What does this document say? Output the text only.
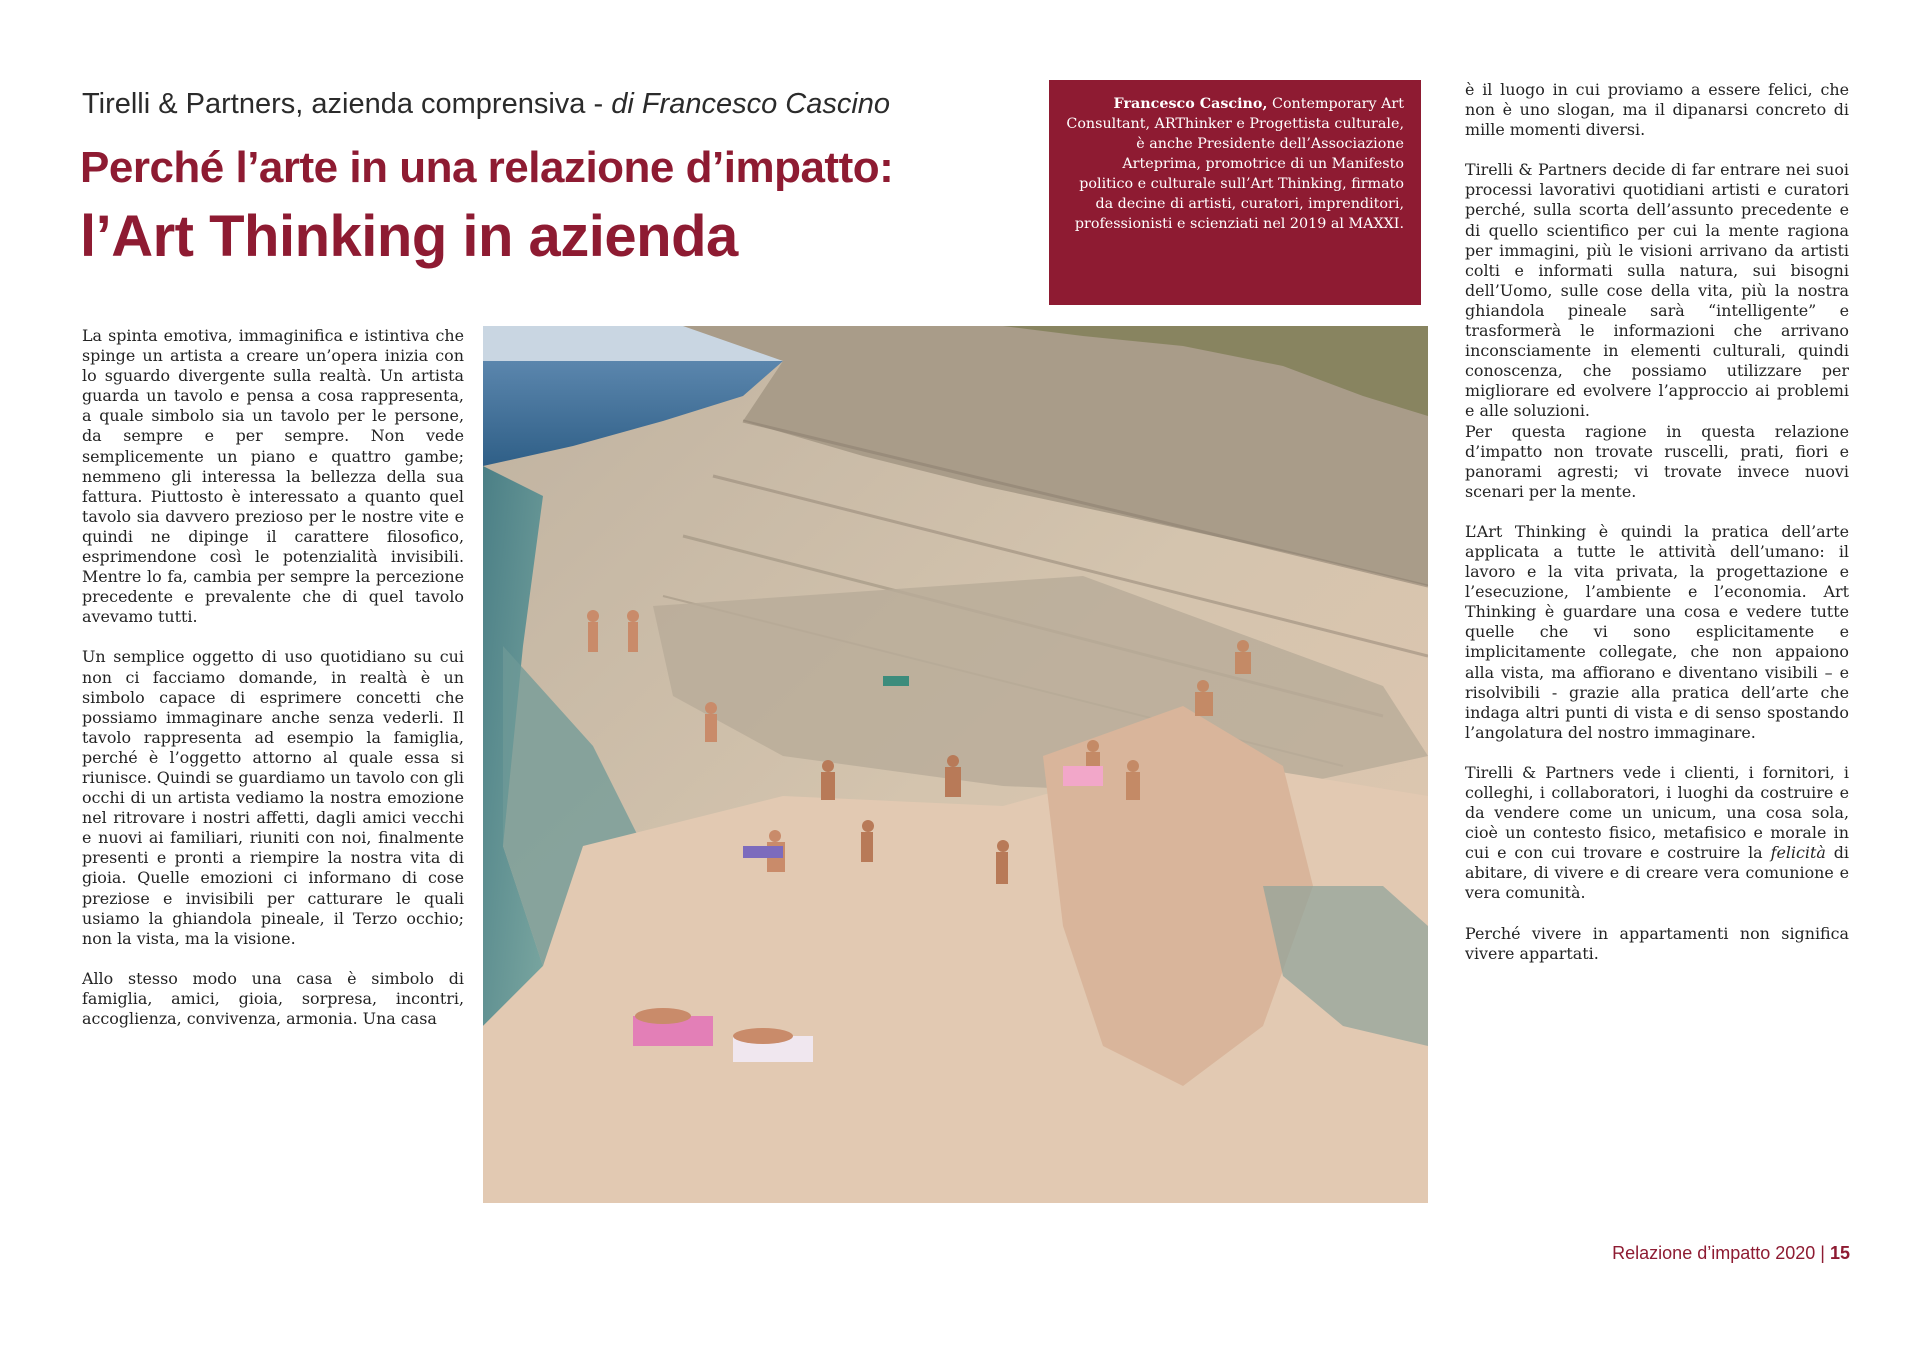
Tirelli & Partners, azienda comprensiva - di Francesco Cascino
Perché l’arte in una relazione d’impatto:
l’Art Thinking in azienda
Francesco Cascino, Contemporary Art Consultant, ARThinker e Progettista culturale, è anche Presidente dell’Associazione Arteprima, promotrice di un Manifesto politico e culturale sull’Art Thinking, firmato da decine di artisti, curatori, imprenditori, professionisti e scienziati nel 2019 al MAXXI.

La spinta emotiva, immaginifica e istintiva che spinge un artista a creare un’opera inizia con lo sguardo divergente sulla realtà. Un artista guarda un tavolo e pensa a cosa rappresenta, a quale simbolo sia un tavolo per le persone, da sempre e per sempre. Non vede semplicemente un piano e quattro gambe; nemmeno gli interessa la bellezza della sua fattura. Piuttosto è interessato a quanto quel tavolo sia davvero prezioso per le nostre vite e quindi ne dipinge il carattere filosofico, esprimendone così le potenzialità invisibili. Mentre lo fa, cambia per sempre la percezione precedente e prevalente che di quel tavolo avevamo tutti.

Un semplice oggetto di uso quotidiano su cui non ci facciamo domande, in realtà è un simbolo capace di esprimere concetti che possiamo immaginare anche senza vederli. Il tavolo rappresenta ad esempio la famiglia, perché è l’oggetto attorno al quale essa si riunisce. Quindi se guardiamo un tavolo con gli occhi di un artista vediamo la nostra emozione nel ritrovare i nostri affetti, dagli amici vecchi e nuovi ai familiari, riuniti con noi, finalmente presenti e pronti a riempire la nostra vita di gioia. Quelle emozioni ci informano di cose preziose e invisibili per catturare le quali usiamo la ghiandola pineale, il Terzo occhio; non la vista, ma la visione.

Allo stesso modo una casa è simbolo di famiglia, amici, gioia, sorpresa, incontri, accoglienza, convivenza, armonia. Una casa

è il luogo in cui proviamo a essere felici, che non è uno slogan, ma il dipanarsi concreto di mille momenti diversi.

Tirelli & Partners decide di far entrare nei suoi processi lavorativi quotidiani artisti e curatori perché, sulla scorta dell’assunto precedente e di quello scientifico per cui la mente ragiona per immagini, più le visioni arrivano da artisti colti e informati sulla natura, sui bisogni dell’Uomo, sulle cose della vita, più la nostra ghiandola pineale sarà “intelligente” e trasformerà le informazioni che arrivano inconsciamente in elementi culturali, quindi conoscenza, che possiamo utilizzare per migliorare ed evolvere l’approccio ai problemi e alle soluzioni.

Per questa ragione in questa relazione d’impatto non trovate ruscelli, prati, fiori e panorami agresti; vi trovate invece nuovi scenari per la mente.

L’Art Thinking è quindi la pratica dell’arte applicata a tutte le attività dell’umano: il lavoro e la vita privata, la progettazione e l’esecuzione, l’ambiente e l’economia. Art Thinking è guardare una cosa e vedere tutte quelle che vi sono esplicitamente e implicitamente collegate, che non appaiono alla vista, ma affiorano e diventano visibili – e risolvibili - grazie alla pratica dell’arte che indaga altri punti di vista e di senso spostando l’angolatura del nostro immaginare.

Tirelli & Partners vede i clienti, i fornitori, i colleghi, i collaboratori, i luoghi da costruire e da vendere come un unicum, una cosa sola, cioè un contesto fisico, metafisico e morale in cui e con cui trovare e costruire la felicità di abitare, di vivere e di creare vera comunione e vera comunità.

Perché vivere in appartamenti non significa vivere appartati.

Relazione d’impatto 2020 | 15
